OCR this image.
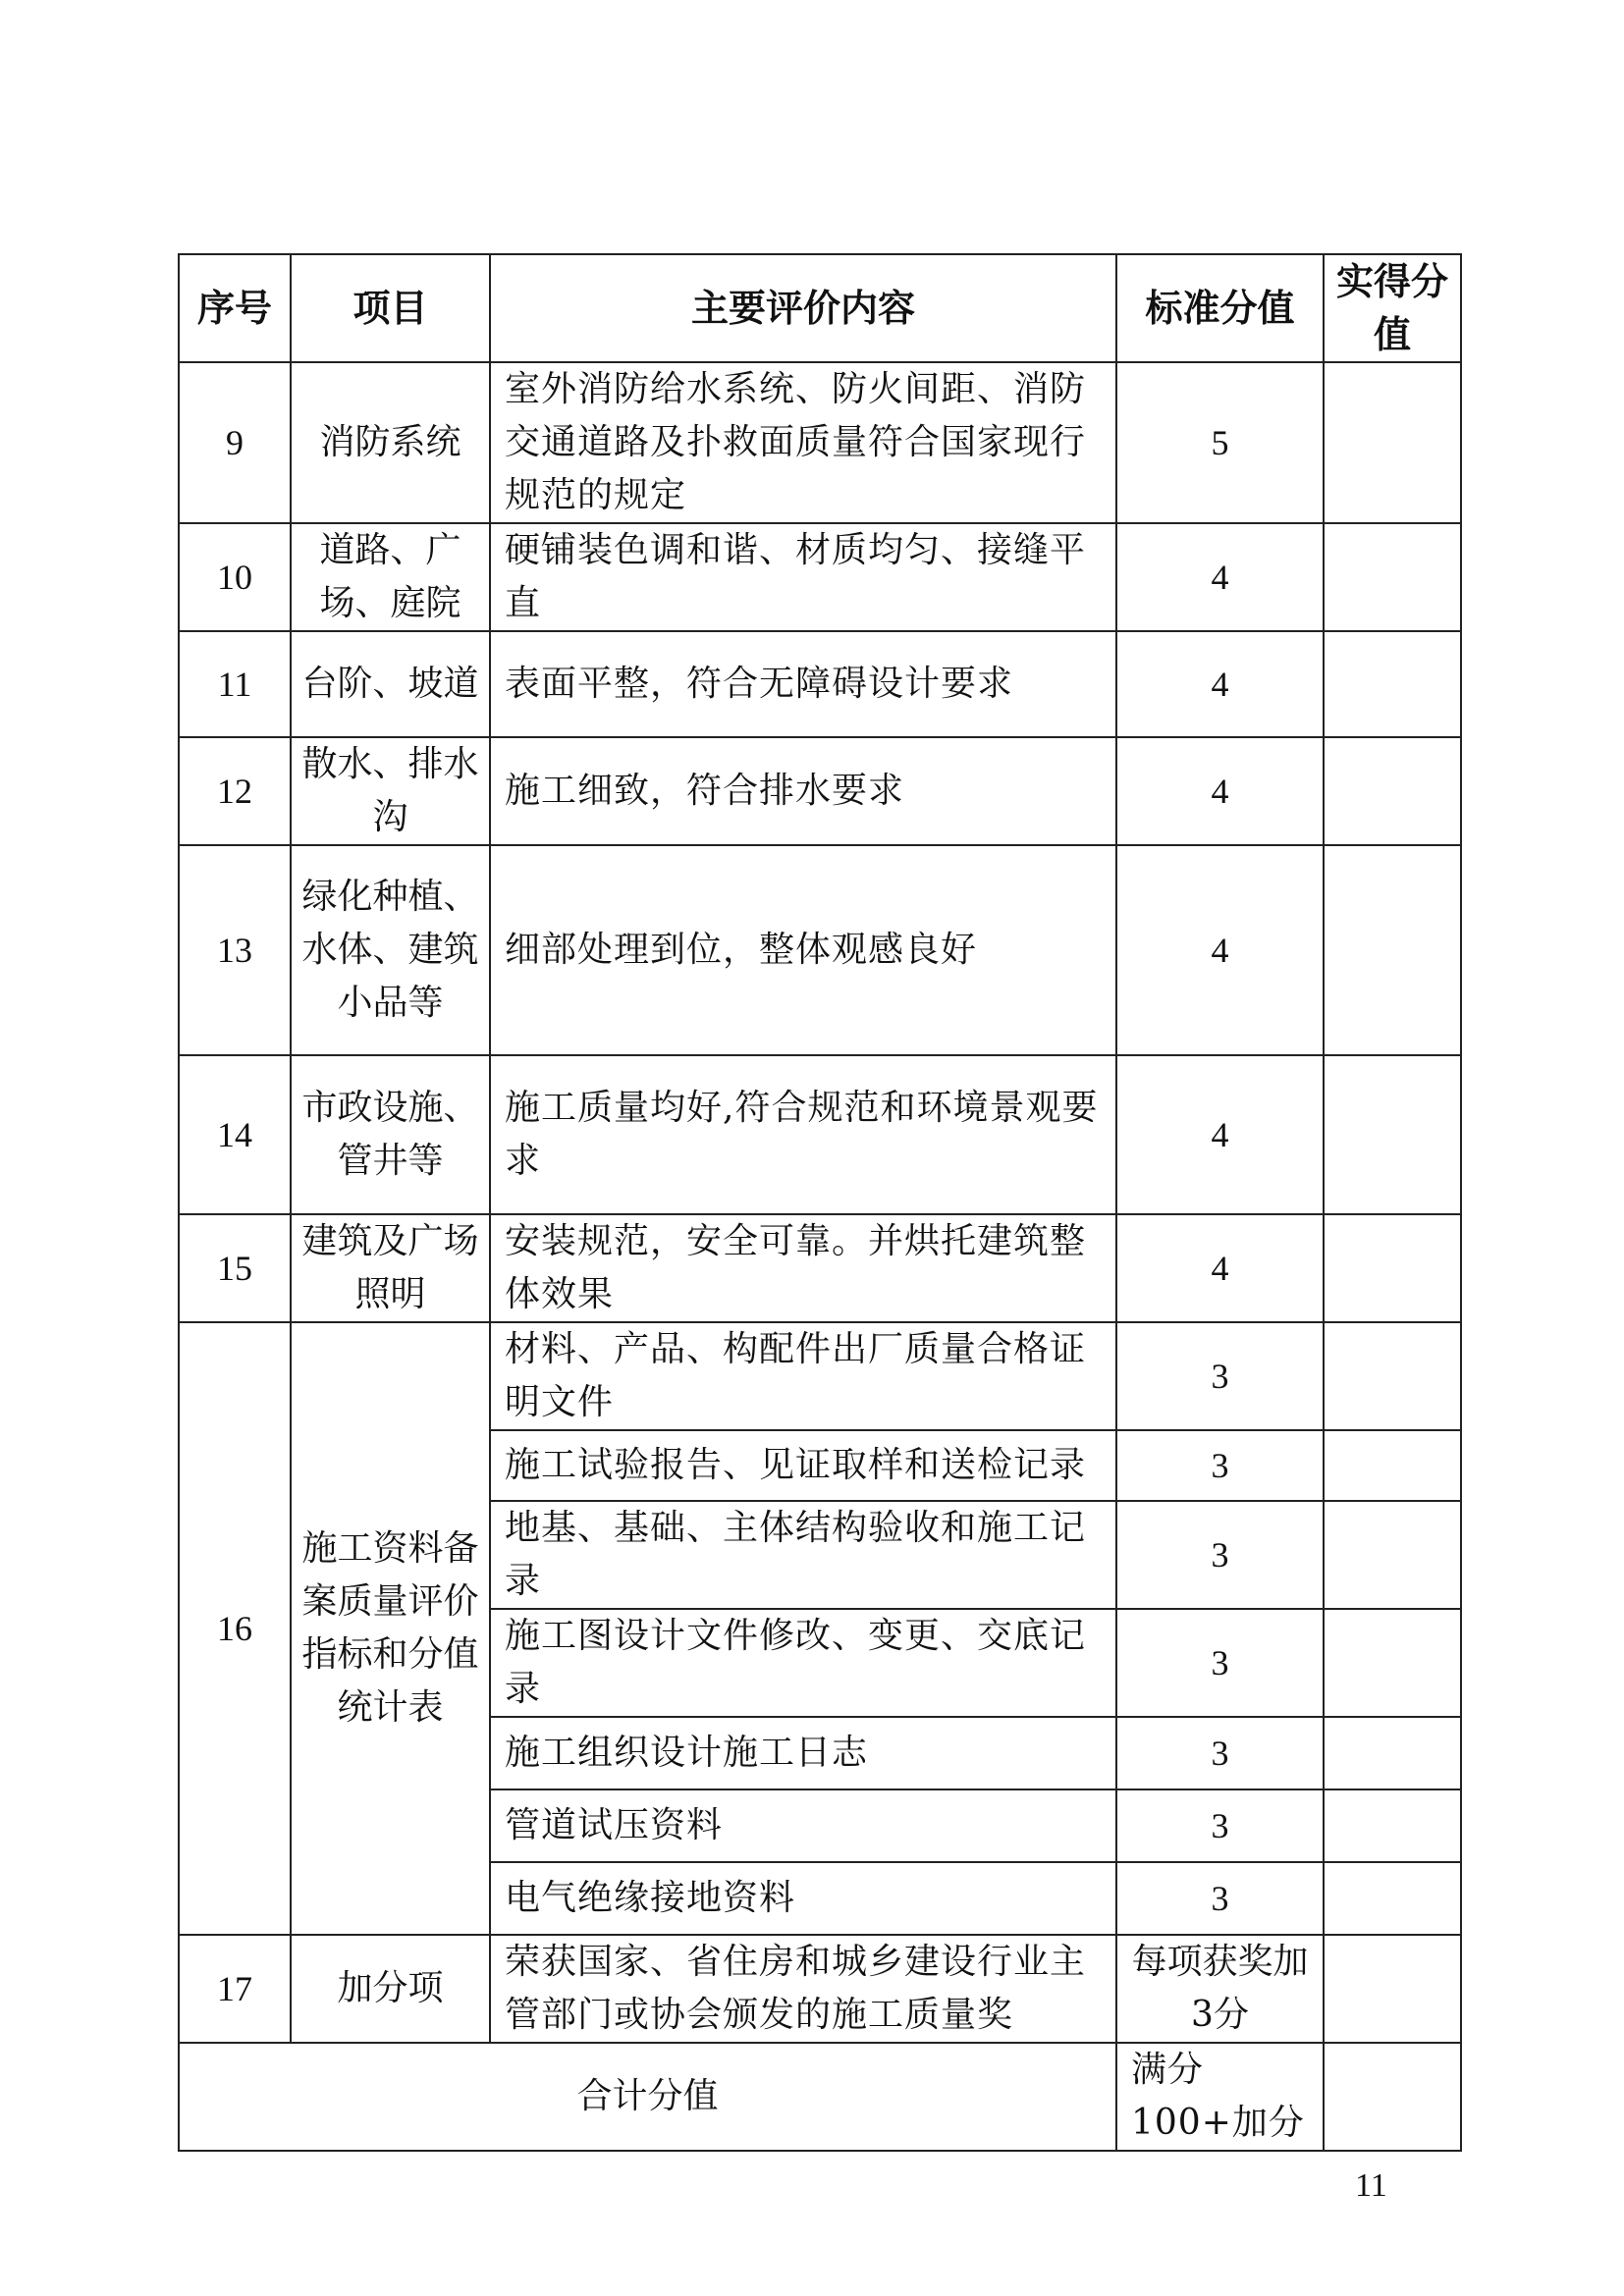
序号	项目	主要评价内容	标准分值	实得分值
9	消防系统	室外消防给水系统、防火间距、消防交通道路及扑救面质量符合国家现行规范的规定	5	
10	道路、广场、庭院	硬铺装色调和谐、材质均匀、接缝平直	4	
11	台阶、坡道	表面平整，符合无障碍设计要求	4	
12	散水、排水沟	施工细致，符合排水要求	4	
13	绿化种植、水体、建筑小品等	细部处理到位，整体观感良好	4	
14	市政设施、管井等	施工质量均好,符合规范和环境景观要求	4	
15	建筑及广场照明	安装规范，安全可靠。并烘托建筑整体效果	4	
16	施工资料备案质量评价指标和分值统计表	材料、产品、构配件出厂质量合格证明文件	3	
		施工试验报告、见证取样和送检记录	3	
		地基、基础、主体结构验收和施工记录	3	
		施工图设计文件修改、变更、交底记录	3	
		施工组织设计施工日志	3	
		管道试压资料	3	
		电气绝缘接地资料	3	
17	加分项	荣获国家、省住房和城乡建设行业主管部门或协会颁发的施工质量奖	每项获奖加3分	
合计分值			满分 100+加分	
11
